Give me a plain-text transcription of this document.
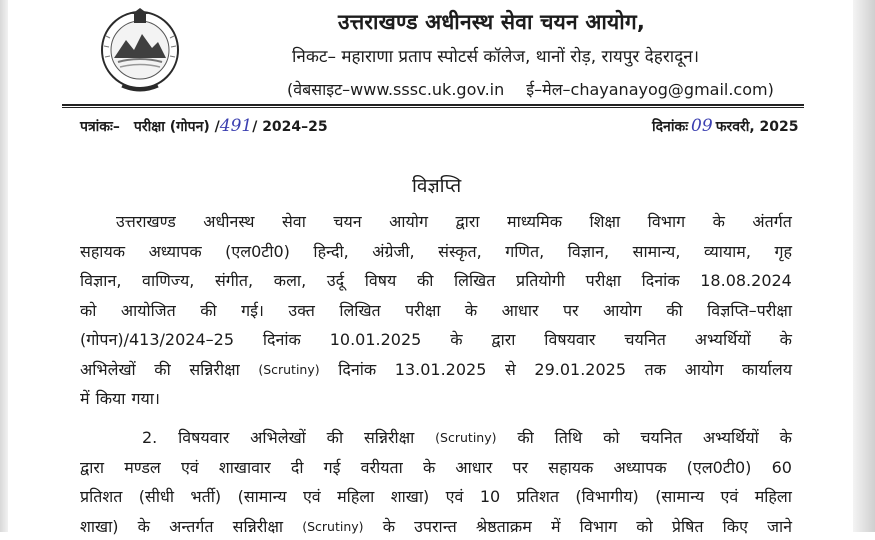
उत्तराखण्ड अधीनस्थ सेवा चयन आयोग,
निकट– महाराणा प्रताप स्पोटर्स कॉलेज, थानों रोड़, रायपुर देहरादून।
(वेबसाइट–www.sssc.uk.gov.in ई–मेल–chayanayog@gmail.com)
पत्रांकः– परीक्षा (गोपन) /491/ 2024–25	दिनांकः 09 फरवरी, 2025
विज्ञप्ति
उत्तराखण्ड अधीनस्थ सेवा चयन आयोग द्वारा माध्यमिक शिक्षा विभाग के अंतर्गत
सहायक अध्यापक (एल0टी0) हिन्दी, अंग्रेजी, संस्कृत, गणित, विज्ञान, सामान्य, व्यायाम, गृह
विज्ञान, वाणिज्य, संगीत, कला, उर्दू विषय की लिखित प्रतियोगी परीक्षा दिनांक 18.08.2024
को आयोजित की गई। उक्त लिखित परीक्षा के आधार पर आयोग की विज्ञप्ति–परीक्षा
(गोपन)/413/2024–25 दिनांक 10.01.2025 के द्वारा विषयवार चयनित अभ्यर्थियों के
अभिलेखों की सन्निरीक्षा (Scrutiny) दिनांक 13.01.2025 से 29.01.2025 तक आयोग कार्यालय
में किया गया।
2. विषयवार अभिलेखों की सन्निरीक्षा (Scrutiny) की तिथि को चयनित अभ्यर्थियों के
द्वारा मण्डल एवं शाखावार दी गई वरीयता के आधार पर सहायक अध्यापक (एल0टी0) 60
प्रतिशत (सीधी भर्ती) (सामान्य एवं महिला शाखा) एवं 10 प्रतिशत (विभागीय) (सामान्य एवं महिला
शाखा) के अन्तर्गत सन्निरीक्षा (Scrutiny) के उपरान्त श्रेष्ठताक्रम में विभाग को प्रेषित किए जाने
